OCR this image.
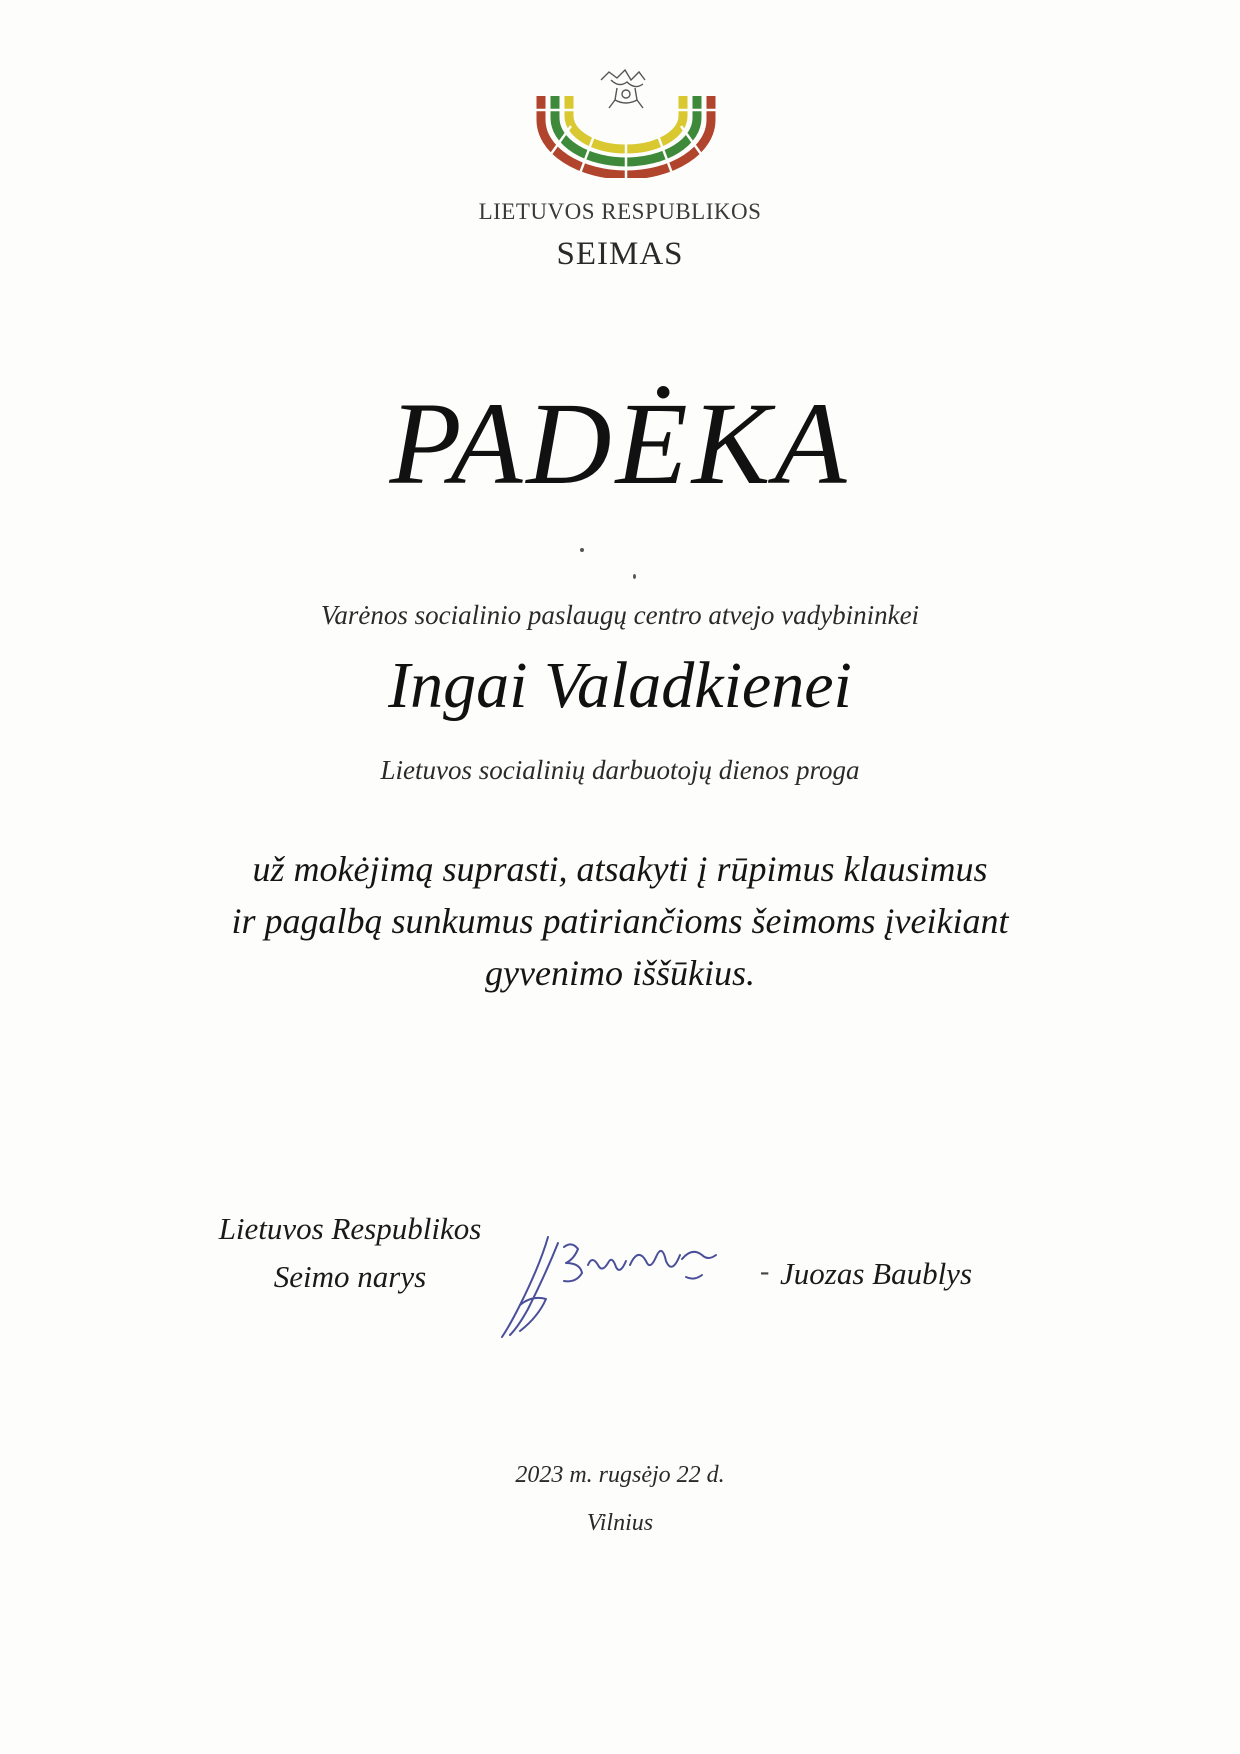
LIETUVOS RESPUBLIKOS
SEIMAS
PADĖKA
Varėnos socialinio paslaugų centro atvejo vadybininkei
Ingai Valadkienei
Lietuvos socialinių darbuotojų dienos proga
už mokėjimą suprasti, atsakyti į rūpimus klausimus
ir pagalbą sunkumus patiriančioms šeimoms įveikiant
gyvenimo iššūkius.
Lietuvos Respublikos
Seimo narys	- Juozas Baublys
2023 m. rugsėjo 22 d.
Vilnius
